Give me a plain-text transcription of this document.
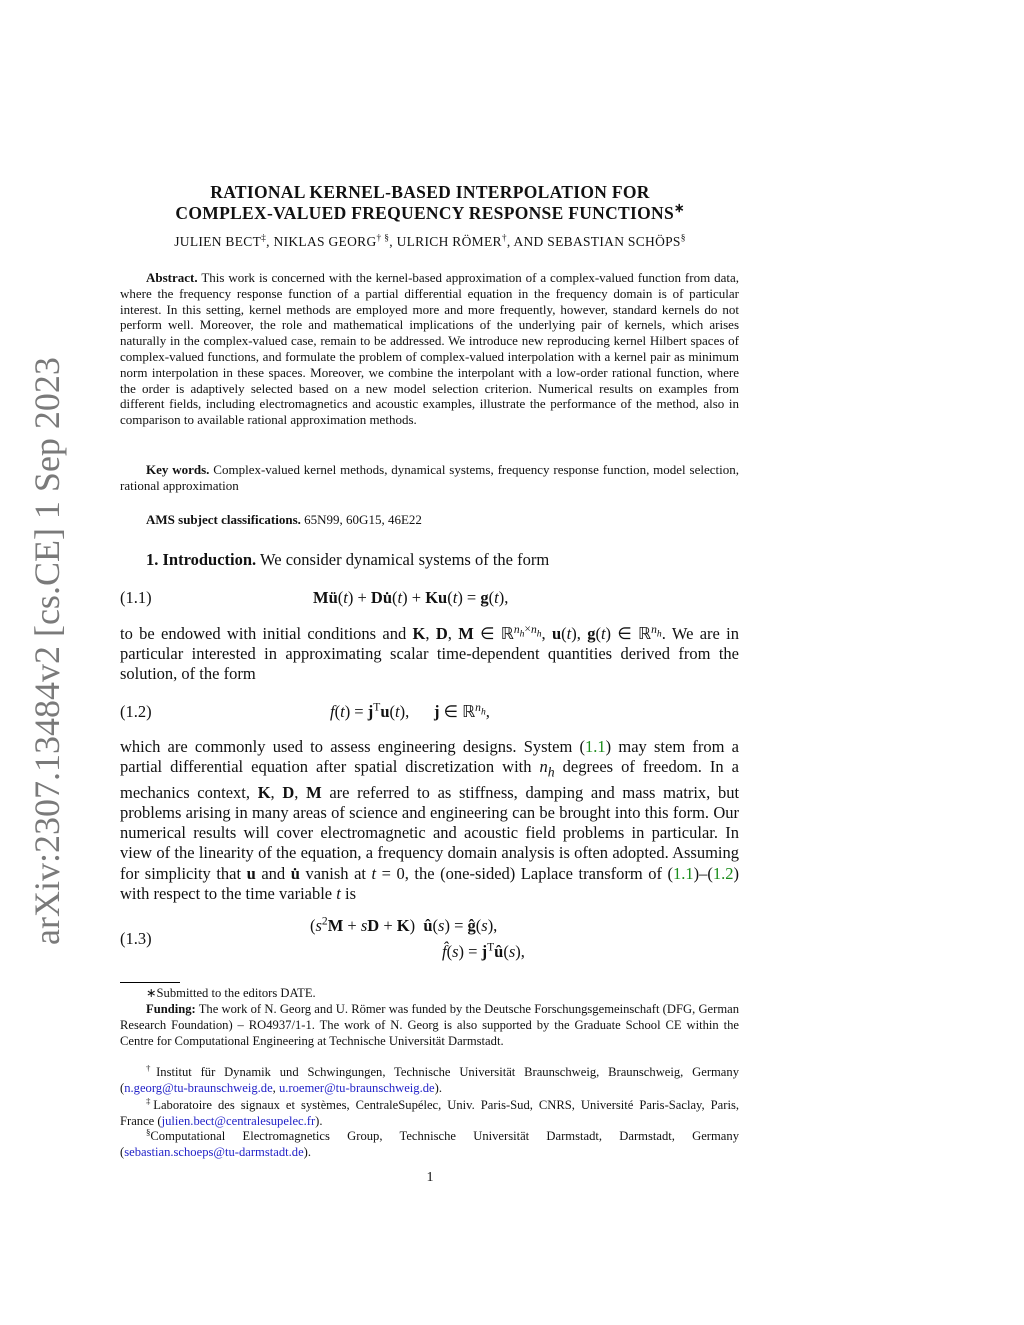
arXiv:2307.13484v2 [cs.CE] 1 Sep 2023
RATIONAL KERNEL-BASED INTERPOLATION FOR
COMPLEX-VALUED FREQUENCY RESPONSE FUNCTIONS∗
JULIEN BECT‡, NIKLAS GEORG† §, ULRICH RÖMER†, AND SEBASTIAN SCHÖPS§
Abstract. This work is concerned with the kernel-based approximation of a complex-valued function from data, where the frequency response function of a partial differential equation in the frequency domain is of particular interest. In this setting, kernel methods are employed more and more frequently, however, standard kernels do not perform well. Moreover, the role and mathematical implications of the underlying pair of kernels, which arises naturally in the complex-valued case, remain to be addressed. We introduce new reproducing kernel Hilbert spaces of complex-valued functions, and formulate the problem of complex-valued interpolation with a kernel pair as minimum norm interpolation in these spaces. Moreover, we combine the interpolant with a low-order rational function, where the order is adaptively selected based on a new model selection criterion. Numerical results on examples from different fields, including electromagnetics and acoustic examples, illustrate the performance of the method, also in comparison to available rational approximation methods.
Key words. Complex-valued kernel methods, dynamical systems, frequency response function, model selection, rational approximation
AMS subject classifications. 65N99, 60G15, 46E22
1. Introduction. We consider dynamical systems of the form
(1.1)	Mü(t) + Du̇(t) + Ku(t) = g(t),
to be endowed with initial conditions and K, D, M ∈ ℝ$^{n_h\times n_h}$, u(t), g(t) ∈ ℝ$^{n_h}$. We are in particular interested in approximating scalar time-dependent quantities derived from the solution, of the form
(1.2)	$f(t) = j^Tu(t)$,      j ∈ ℝ$^{n_h}$,
which are commonly used to assess engineering designs. System (1.1) may stem from a partial differential equation after spatial discretization with $n_h$ degrees of freedom. In a mechanics context, K, D, M are referred to as stiffness, damping and mass matrix, but problems arising in many areas of science and engineering can be brought into this form. Our numerical results will cover electromagnetic and acoustic field problems in particular. In view of the linearity of the equation, a frequency domain analysis is often adopted. Assuming for simplicity that u and u̇ vanish at t = 0, the (one-sided) Laplace transform of (1.1)–(1.2) with respect to the time variable t is
(1.3)
($s^2M$ + sD + K)  û(s) = ĝ(s),
f̂(s) = $j^Tû(s)$,
∗Submitted to the editors DATE.
Funding: The work of N. Georg and U. Römer was funded by the Deutsche Forschungsgemeinschaft (DFG, German Research Foundation) – RO4937/1-1. The work of N. Georg is also supported by the Graduate School CE within the Centre for Computational Engineering at Technische Universität Darmstadt.
†Institut für Dynamik und Schwingungen, Technische Universität Braunschweig, Braunschweig, Germany (n.georg@tu-braunschweig.de, u.roemer@tu-braunschweig.de).
‡Laboratoire des signaux et systèmes, CentraleSupélec, Univ. Paris-Sud, CNRS, Université Paris-Saclay, Paris, France (julien.bect@centralesupelec.fr).
§Computational Electromagnetics Group, Technische Universität Darmstadt, Darmstadt, Germany (sebastian.schoeps@tu-darmstadt.de).
1
